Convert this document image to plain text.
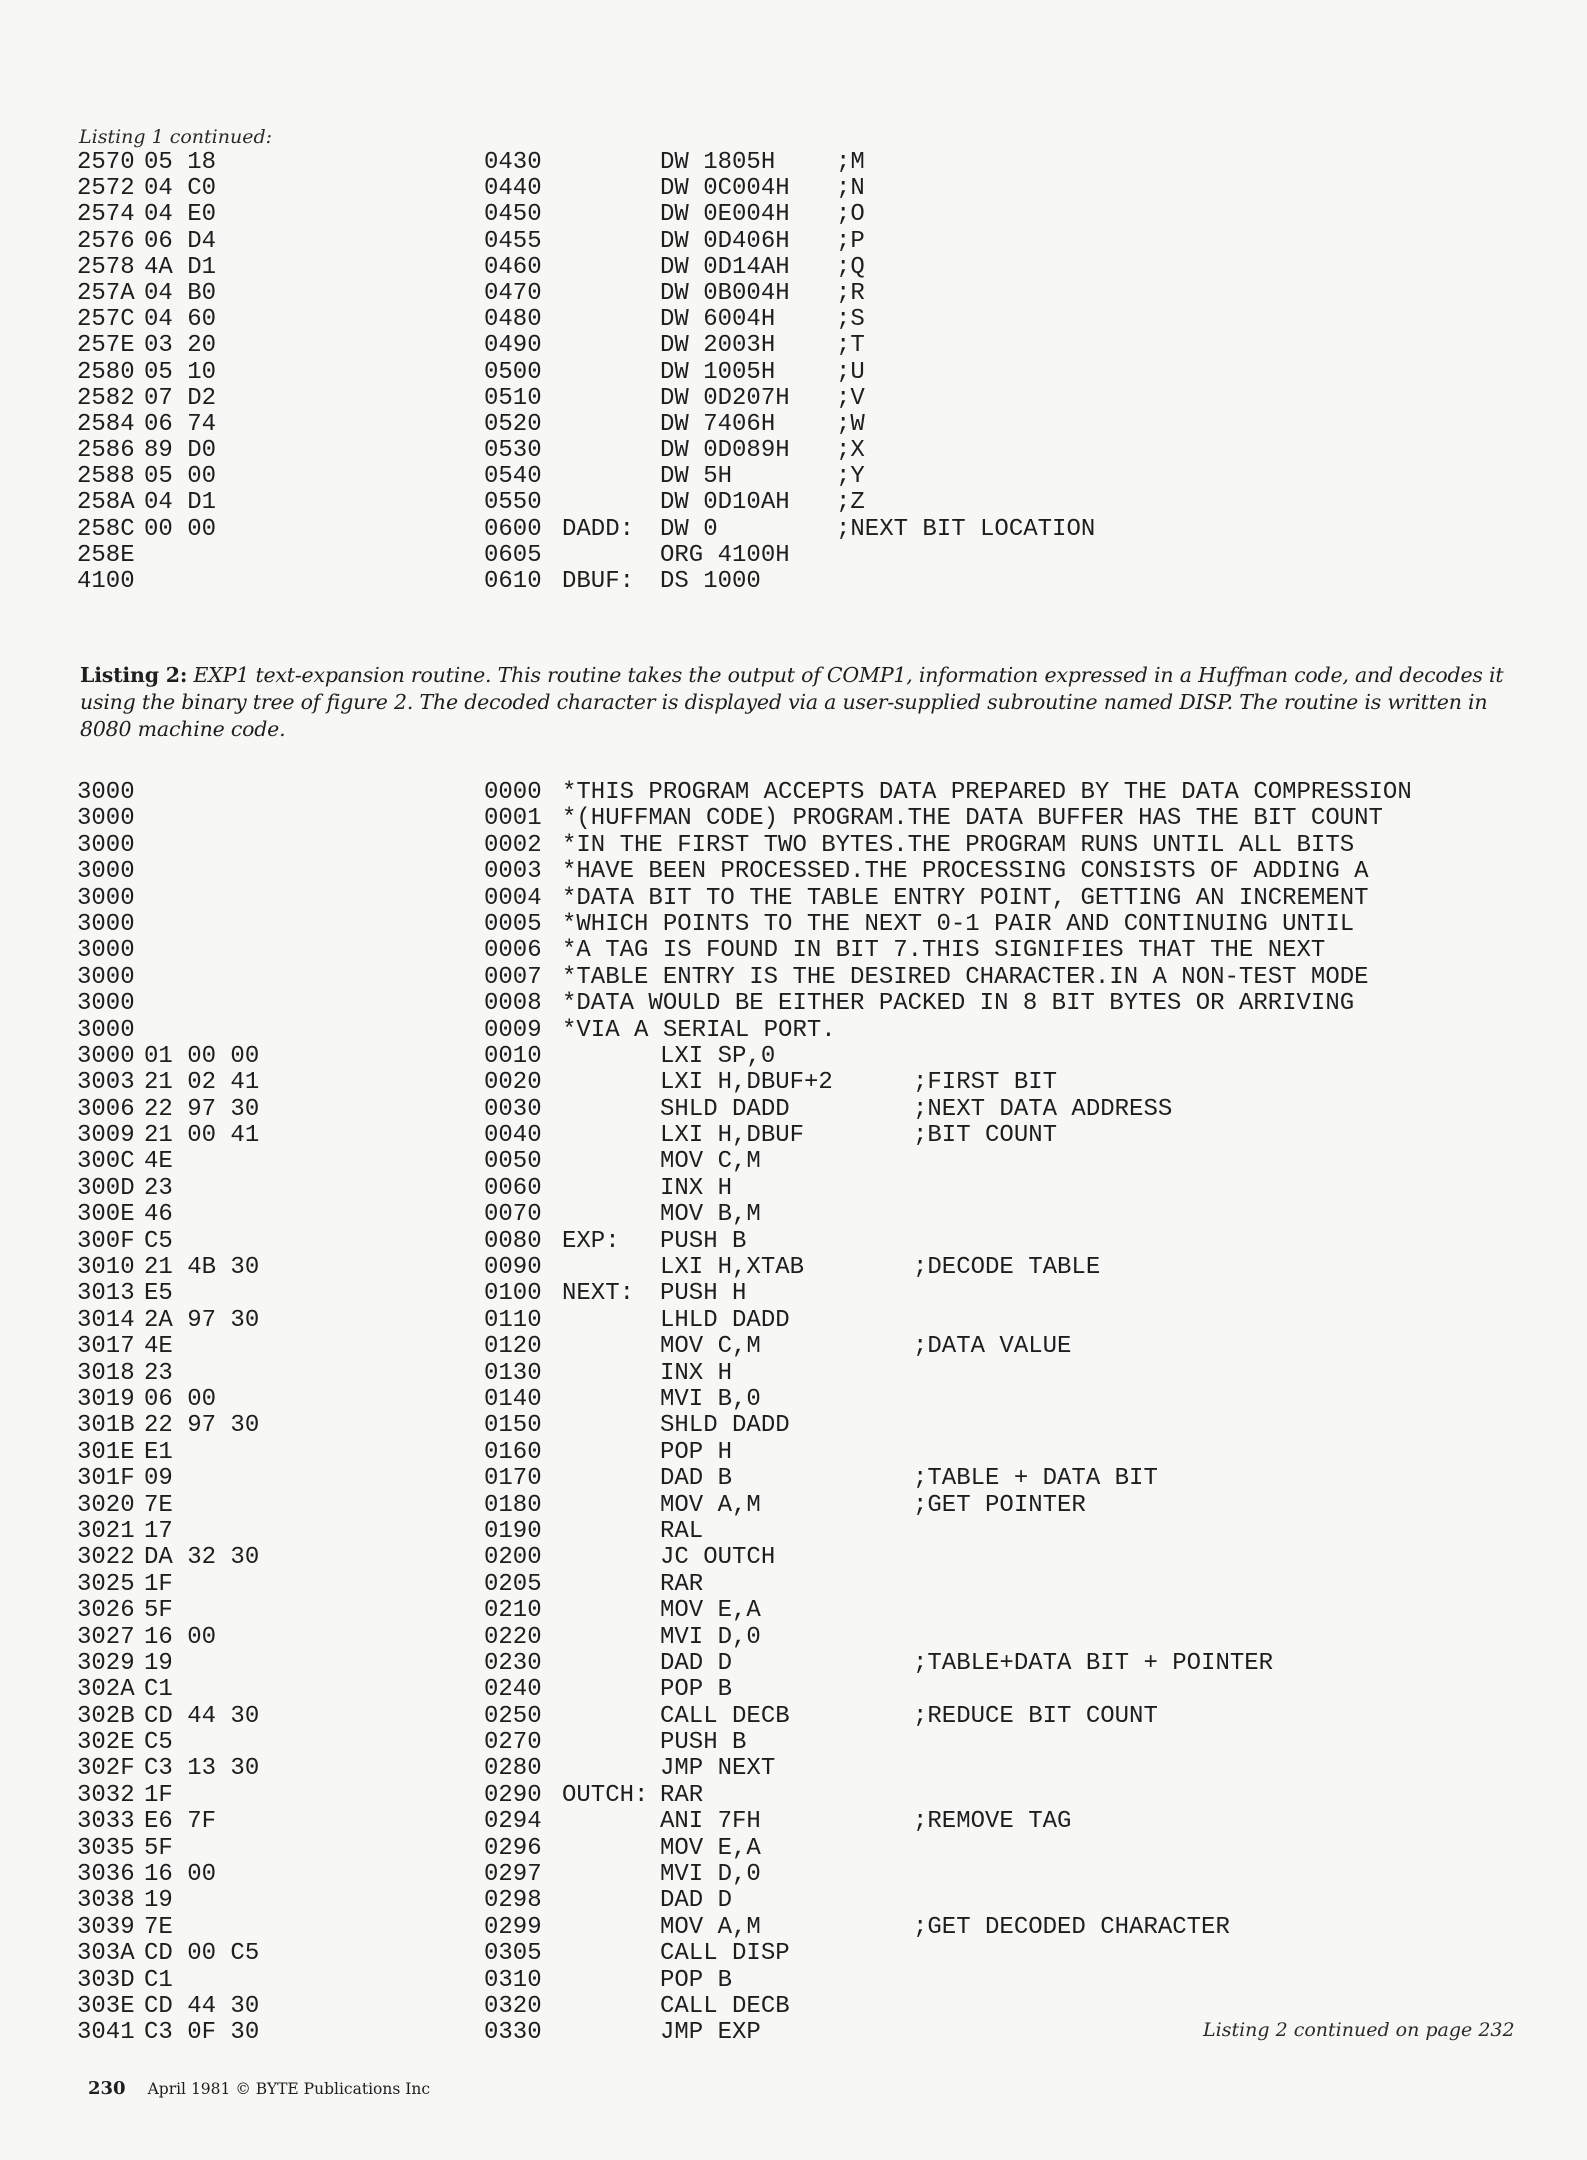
Listing 1 continued:
2570 05 18	0430	DW 1805H	;M
2572 04 C0	0440	DW 0C004H ;N
2574 04 E0	0450	DW 0E004H ;O
2576 06 D4	0455	DW 0D406H ;P
2578 4A D1	0460	DW 0D14AH ;Q
257A 04 B0	0470	DW 0B004H ;R
257C 04 60	0480	DW 6004H	;S
257E 03 20	0490	DW 2003H	;T
2580 05 10	0500	DW 1005H	;U
2582 07 D2	0510	DW 0D207H ;V
2584 06 74	0520	DW 7406H	;W
2586 89 D0	0530	DW 0D089H ;X
2588 05 00	0540	DW 5H	;Y
258A 04 D1	0550	DW 0D10AH ;Z
258C 00 00	0600 DADD: DW 0	;NEXT BIT LOCATION
258E	0605	ORG 4100H
4100	0610 DBUF: DS 1000
Listing 2: EXP1 text-expansion routine. This routine takes the output of COMP1, information expressed in a Huffman code, and decodes it using the binary tree of figure 2. The decoded character is displayed via a user-supplied subroutine named DISP. The routine is written in 8080 machine code.
3000	0000 *THIS PROGRAM ACCEPTS DATA PREPARED BY THE DATA COMPRESSION
3000	0001 *(HUFFMAN CODE) PROGRAM.THE DATA BUFFER HAS THE BIT COUNT
3000	0002 *IN THE FIRST TWO BYTES.THE PROGRAM RUNS UNTIL ALL BITS
3000	0003 *HAVE BEEN PROCESSED.THE PROCESSING CONSISTS OF ADDING A
3000	0004 *DATA BIT TO THE TABLE ENTRY POINT, GETTING AN INCREMENT
3000	0005 *WHICH POINTS TO THE NEXT 0-1 PAIR AND CONTINUING UNTIL
3000	0006 *A TAG IS FOUND IN BIT 7.THIS SIGNIFIES THAT THE NEXT
3000	0007 *TABLE ENTRY IS THE DESIRED CHARACTER.IN A NON-TEST MODE
3000	0008 *DATA WOULD BE EITHER PACKED IN 8 BIT BYTES OR ARRIVING
3000	0009 *VIA A SERIAL PORT.
3000 01 00 00	0010	LXI SP,0
3003 21 02 41	0020	LXI H,DBUF+2	;FIRST BIT
3006 22 97 30	0030	SHLD DADD	;NEXT DATA ADDRESS
3009 21 00 41	0040	LXI H,DBUF	;BIT COUNT
300C 4E	0050	MOV C,M
300D 23	0060	INX H
300E 46	0070	MOV B,M
300F C5	0080 EXP: PUSH B
3010 21 4B 30	0090	LXI H,XTAB	;DECODE TABLE
3013 E5	0100 NEXT: PUSH H
3014 2A 97 30	0110	LHLD DADD
3017 4E	0120	MOV C,M	;DATA VALUE
3018 23	0130	INX H
3019 06 00	0140	MVI B,0
301B 22 97 30	0150	SHLD DADD
301E E1	0160	POP H
301F 09	0170	DAD B	;TABLE + DATA BIT
3020 7E	0180	MOV A,M	;GET POINTER
3021 17	0190	RAL
3022 DA 32 30	0200	JC OUTCH
3025 1F	0205	RAR
3026 5F	0210	MOV E,A
3027 16 00	0220	MVI D,0
3029 19	0230	DAD D	;TABLE+DATA BIT + POINTER
302A C1	0240	POP B
302B CD 44 30	0250	CALL DECB	;REDUCE BIT COUNT
302E C5	0270	PUSH B
302F C3 13 30	0280	JMP NEXT
3032 1F	0290 OUTCH: RAR
3033 E6 7F	0294	ANI 7FH	;REMOVE TAG
3035 5F	0296	MOV E,A
3036 16 00	0297	MVI D,0
3038 19	0298	DAD D
3039 7E	0299	MOV A,M	;GET DECODED CHARACTER
303A CD 00 C5	0305	CALL DISP
303D C1	0310	POP B
303E CD 44 30	0320	CALL DECB
3041 C3 0F 30	0330	JMP EXP	Listing 2 continued on page 232
230 April 1981 © BYTE Publications Inc
